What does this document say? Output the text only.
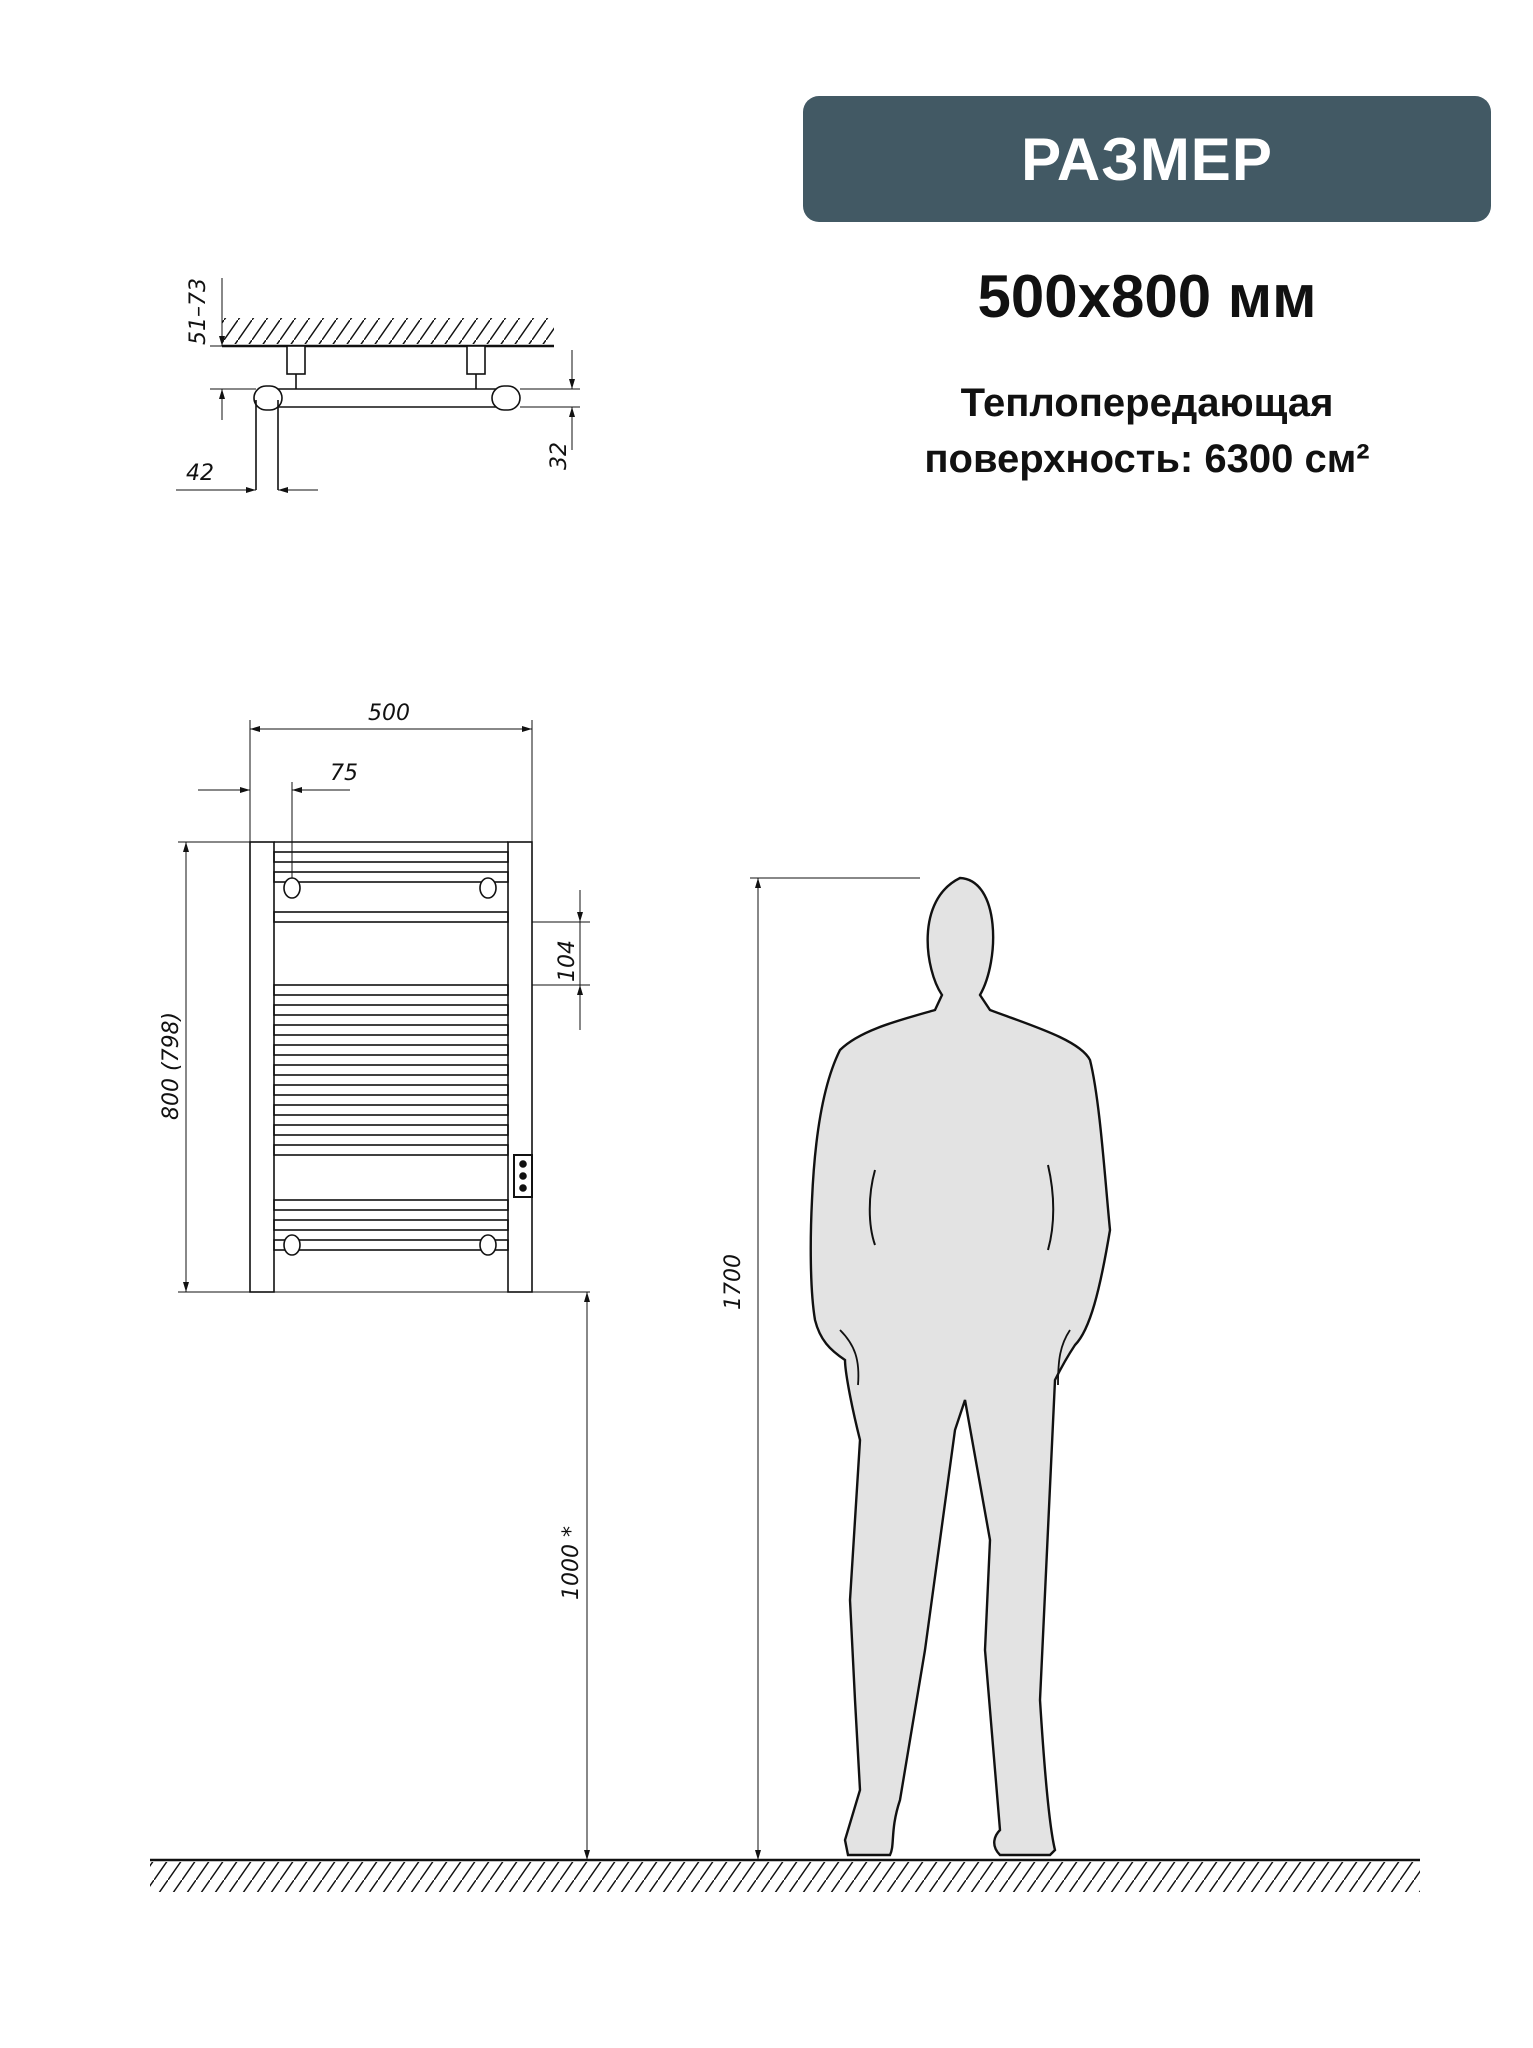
РАЗМЕР
500x800 мм
Теплопередающая
поверхность: 6300 см²
51–73
32
42
500
75
104
800 (798)
1000 *
1700
